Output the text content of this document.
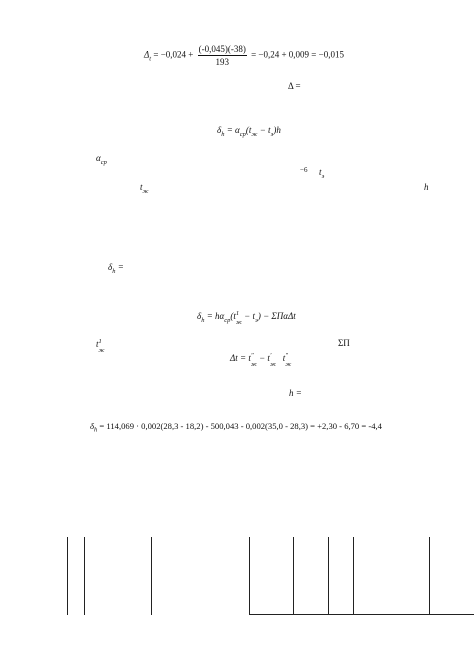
$\Delta_t = -0,024 + \frac{(-0,045)(-38)}{193} = -0,24 + 0,009 = -0,015$
Δ =
$\delta_h = \alpha_{ср}(t_ж - t_э)h$
$\alpha_{ср}$
−6 $t_э$
$t_ж$	h
$\delta_h$ =
$\delta_h = h\alpha_{ср}(t$ 1
ж
− $t_э) - \Sigma\Pi\alpha\Delta t$
t 1
ж
ΣΠ
Δt = t ″
ж
− t ′
ж
t ″
ж
h =
$\delta_h = 114,069 \cdot 0,002(28,3 - 18,2) - 500,043 - 0,002(35,0 - 28,3) = +2,30 - 6,70 = -4,4$
